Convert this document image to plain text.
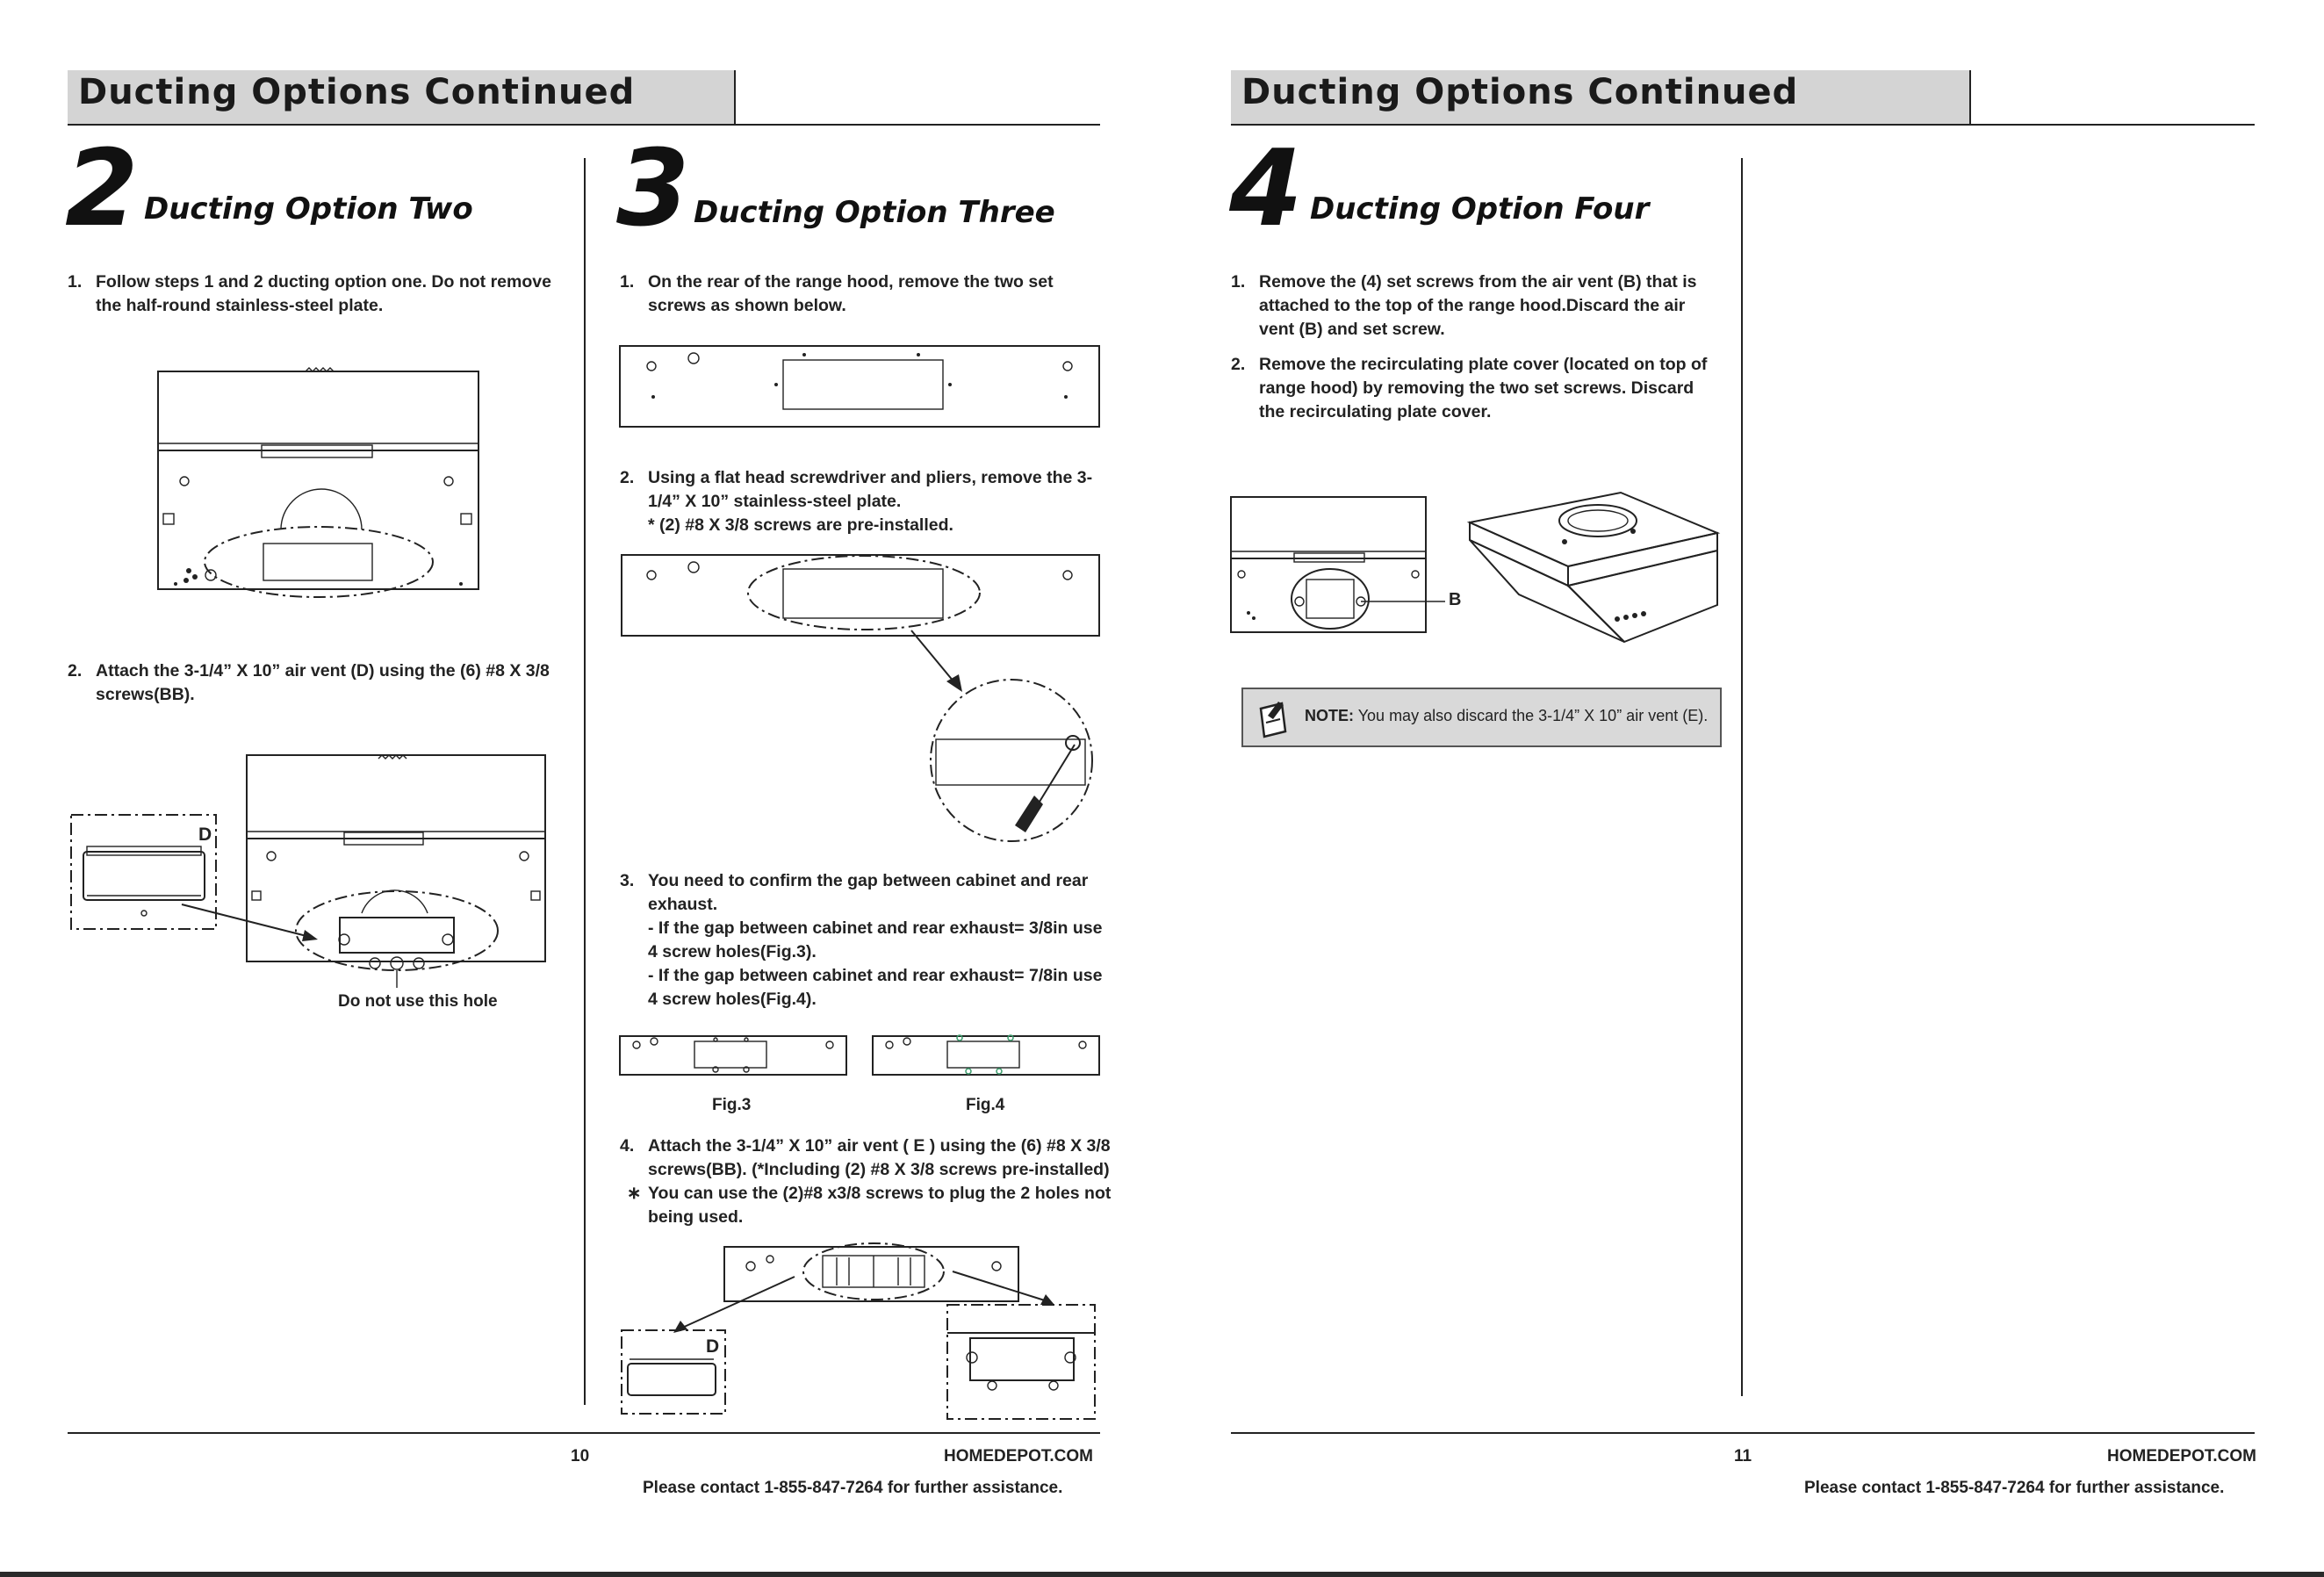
Ducting Options Continued
2 Ducting Option Two
1. Follow steps 1 and 2 ducting option one. Do not remove the half-round stainless-steel plate.
2. Attach the 3-1/4” X 10” air vent (D) using the (6) #8 X 3/8 screws(BB).
D
Do not use this hole
3 Ducting Option Three
1. On the rear of the range hood, remove the two set screws as shown below.
2. Using a flat head screwdriver and pliers, remove the 3-1/4” X 10” stainless-steel plate.
* (2) #8 X 3/8 screws are pre-installed.
3. You need to confirm the gap between cabinet and rear exhaust.
- If the gap between cabinet and rear exhaust= 3/8in use 4 screw holes(Fig.3).
- If the gap between cabinet and rear exhaust= 7/8in use 4 screw holes(Fig.4).
Fig.3	Fig.4
4. Attach the 3-1/4” X 10” air vent ( E ) using the (6) #8 X 3/8 screws(BB). (*Including (2) #8 X 3/8 screws pre-installed)
∗ You can use the (2)#8 x3/8 screws to plug the 2 holes not being used.
D
10	HOMEDEPOT.COM
Please contact 1-855-847-7264 for further assistance.
Ducting Options Continued
4 Ducting Option Four
1. Remove the (4) set screws from the air vent (B) that is attached to the top of the range hood.Discard the air vent (B) and set screw.
2. Remove the recirculating plate cover (located on top of range hood) by removing the two set screws. Discard the recirculating plate cover.
B
NOTE: You may also discard the 3-1/4” X 10” air vent (E).
11	HOMEDEPOT.COM
Please contact 1-855-847-7264 for further assistance.
